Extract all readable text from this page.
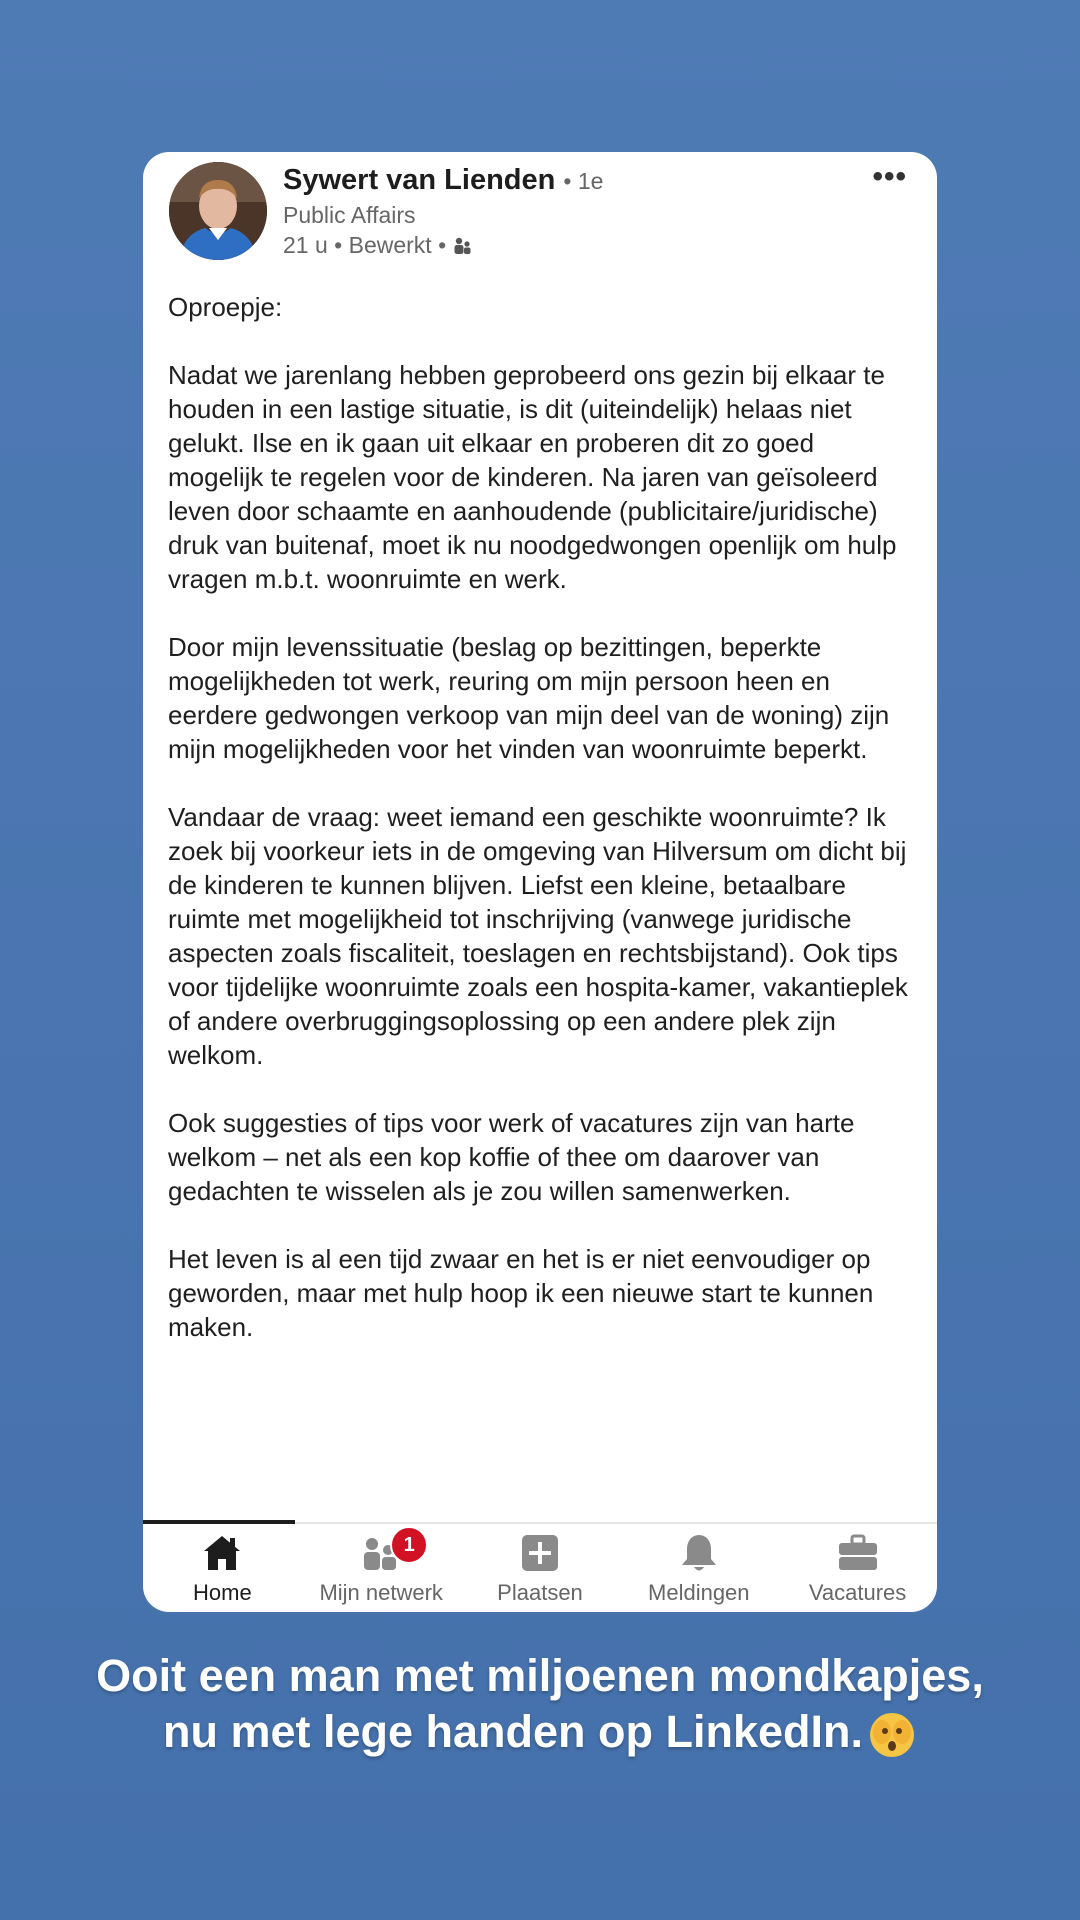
Sywert van Lienden • 1e
Public Affairs
21 u • Bewerkt •
•••

Oproepje:

Nadat we jarenlang hebben geprobeerd ons gezin bij elkaar te houden in een lastige situatie, is dit (uiteindelijk) helaas niet gelukt. Ilse en ik gaan uit elkaar en proberen dit zo goed mogelijk te regelen voor de kinderen. Na jaren van geïsoleerd leven door schaamte en aanhoudende (publicitaire/juridische) druk van buitenaf, moet ik nu noodgedwongen openlijk om hulp vragen m.b.t. woonruimte en werk.

Door mijn levenssituatie (beslag op bezittingen, beperkte mogelijkheden tot werk, reuring om mijn persoon heen en eerdere gedwongen verkoop van mijn deel van de woning) zijn mijn mogelijkheden voor het vinden van woonruimte beperkt.

Vandaar de vraag: weet iemand een geschikte woonruimte? Ik zoek bij voorkeur iets in de omgeving van Hilversum om dicht bij de kinderen te kunnen blijven. Liefst een kleine, betaalbare ruimte met mogelijkheid tot inschrijving (vanwege juridische aspecten zoals fiscaliteit, toeslagen en rechtsbijstand). Ook tips voor tijdelijke woonruimte zoals een hospita-kamer, vakantieplek of andere overbruggingsoplossing op een andere plek zijn welkom.

Ook suggesties of tips voor werk of vacatures zijn van harte welkom – net als een kop koffie of thee om daarover van gedachten te wisselen als je zou willen samenwerken.

Het leven is al een tijd zwaar en het is er niet eenvoudiger op geworden, maar met hulp hoop ik een nieuwe start te kunnen maken.

Home
1
Mijn netwerk Plaatsen	Meldingen	Vacatures
Ooit een man met miljoenen mondkapjes,
nu met lege handen op LinkedIn.
